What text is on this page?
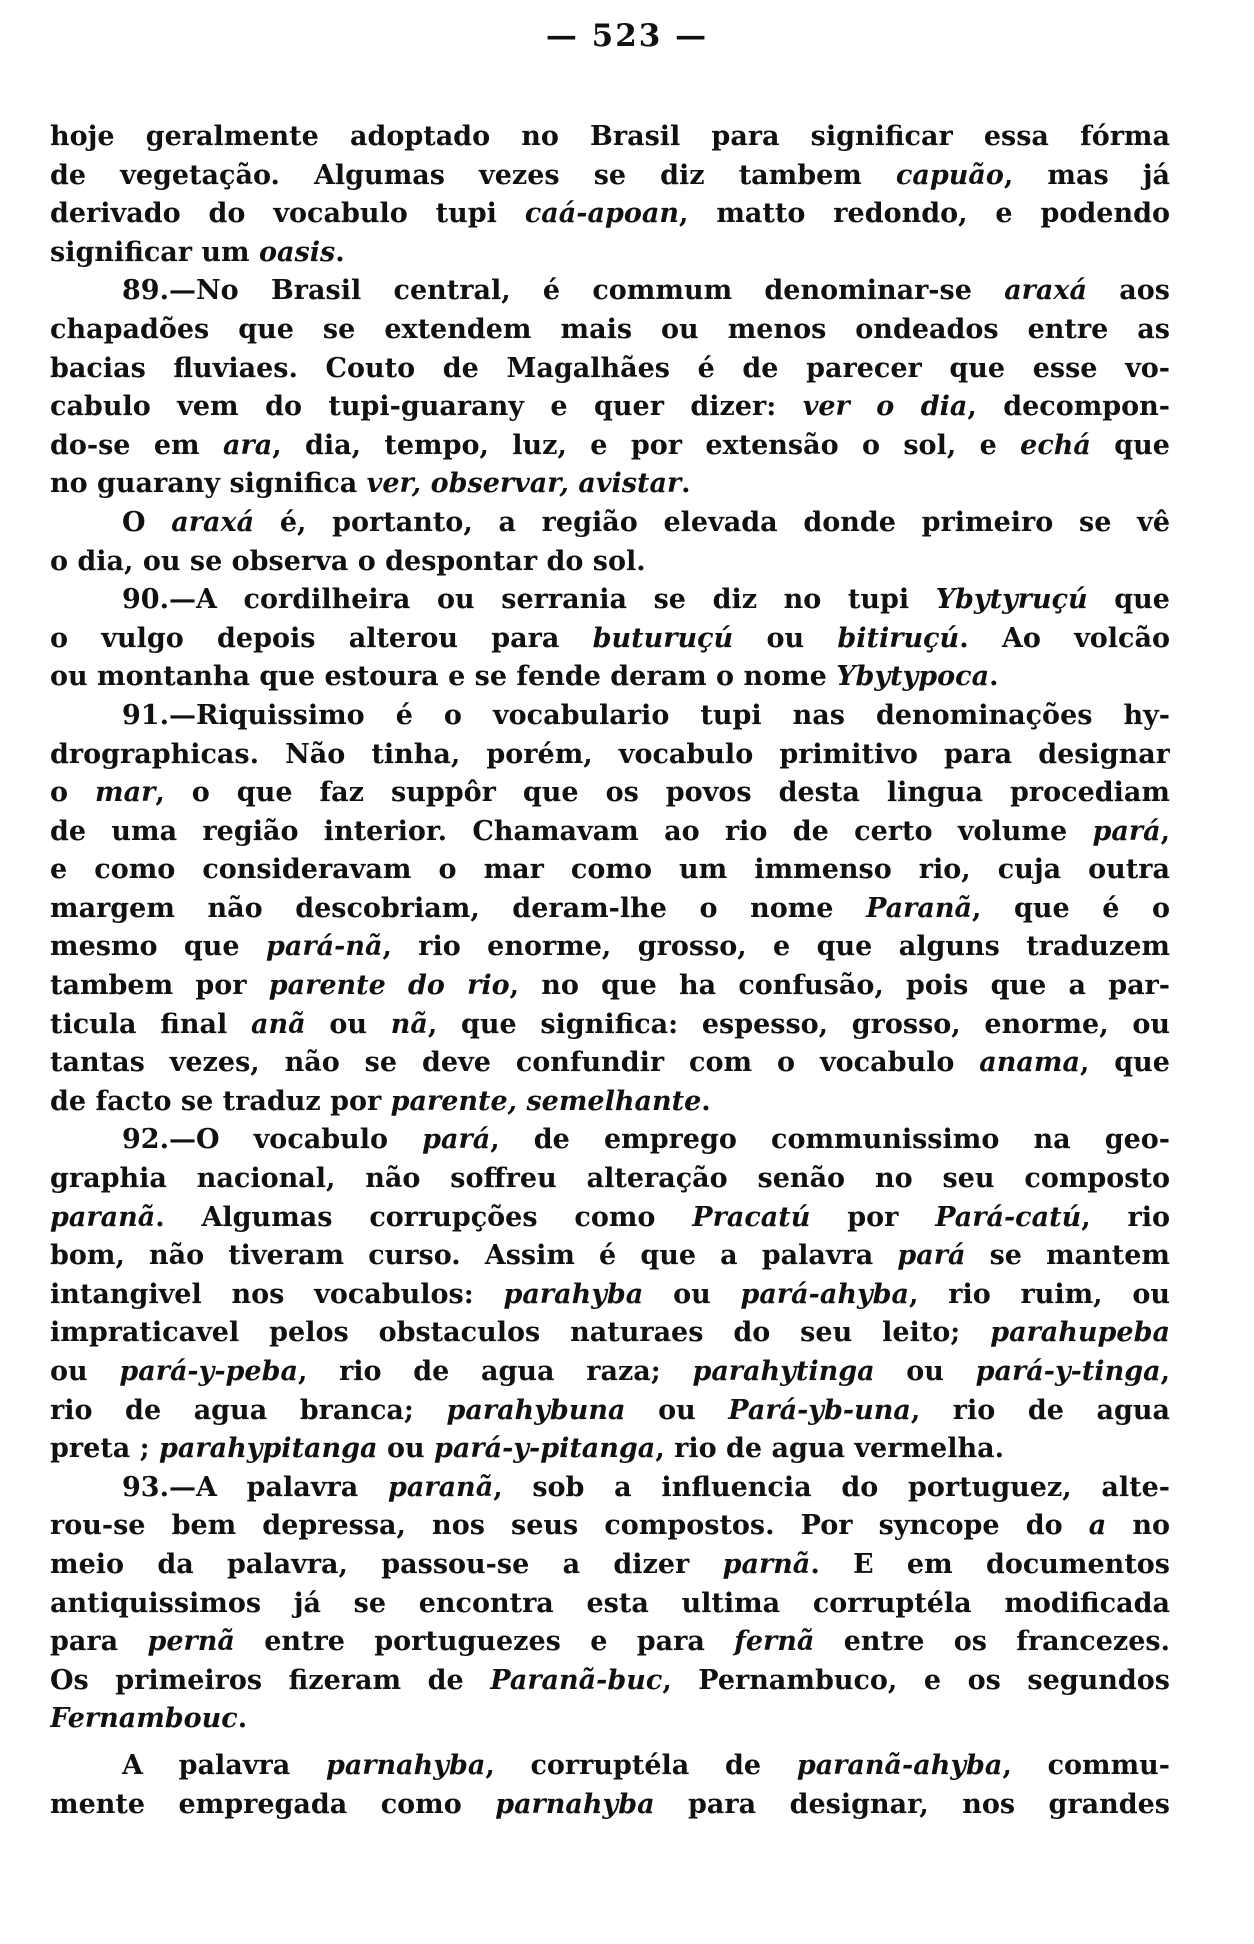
— 523 —
hoje geralmente adoptado no Brasil para significar essa fórma
de vegetação. Algumas vezes se diz tambem capuão, mas já
derivado do vocabulo tupi caá-apoan, matto redondo, e podendo
significar um oasis.
89.—No Brasil central, é commum denominar-se araxá aos
chapadões que se extendem mais ou menos ondeados entre as
bacias fluviaes. Couto de Magalhães é de parecer que esse vo-
cabulo vem do tupi-guarany e quer dizer: ver o dia, decompon-
do-se em ara, dia, tempo, luz, e por extensão o sol, e echá que
no guarany significa ver, observar, avistar.
O araxá é, portanto, a região elevada donde primeiro se vê
o dia, ou se observa o despontar do sol.
90.—A cordilheira ou serrania se diz no tupi Ybytyruçú que
o vulgo depois alterou para buturuçú ou bitiruçú. Ao volcão
ou montanha que estoura e se fende deram o nome Ybytypoca.
91.—Riquissimo é o vocabulario tupi nas denominações hy-
drographicas. Não tinha, porém, vocabulo primitivo para designar
o mar, o que faz suppôr que os povos desta lingua procediam
de uma região interior. Chamavam ao rio de certo volume pará,
e como consideravam o mar como um immenso rio, cuja outra
margem não descobriam, deram-lhe o nome Paranã, que é o
mesmo que pará-nã, rio enorme, grosso, e que alguns traduzem
tambem por parente do rio, no que ha confusão, pois que a par-
ticula final anã ou nã, que significa: espesso, grosso, enorme, ou
tantas vezes, não se deve confundir com o vocabulo anama, que
de facto se traduz por parente, semelhante.
92.—O vocabulo pará, de emprego communissimo na geo-
graphia nacional, não soffreu alteração senão no seu composto
paranã. Algumas corrupções como Pracatú por Pará-catú, rio
bom, não tiveram curso. Assim é que a palavra pará se mantem
intangivel nos vocabulos: parahyba ou pará-ahyba, rio ruim, ou
impraticavel pelos obstaculos naturaes do seu leito; parahupeba
ou pará-y-peba, rio de agua raza; parahytinga ou pará-y-tinga,
rio de agua branca; parahybuna ou Pará-yb-una, rio de agua
preta ; parahypitanga ou pará-y-pitanga, rio de agua vermelha.
93.—A palavra paranã, sob a influencia do portuguez, alte-
rou-se bem depressa, nos seus compostos. Por syncope do a no
meio da palavra, passou-se a dizer parnã. E em documentos
antiquissimos já se encontra esta ultima corruptéla modificada
para pernã entre portuguezes e para fernã entre os francezes.
Os primeiros fizeram de Paranã-buc, Pernambuco, e os segundos
Fernambouc.
A palavra parnahyba, corruptéla de paranã-ahyba, commu-
mente empregada como parnahyba para designar, nos grandes
